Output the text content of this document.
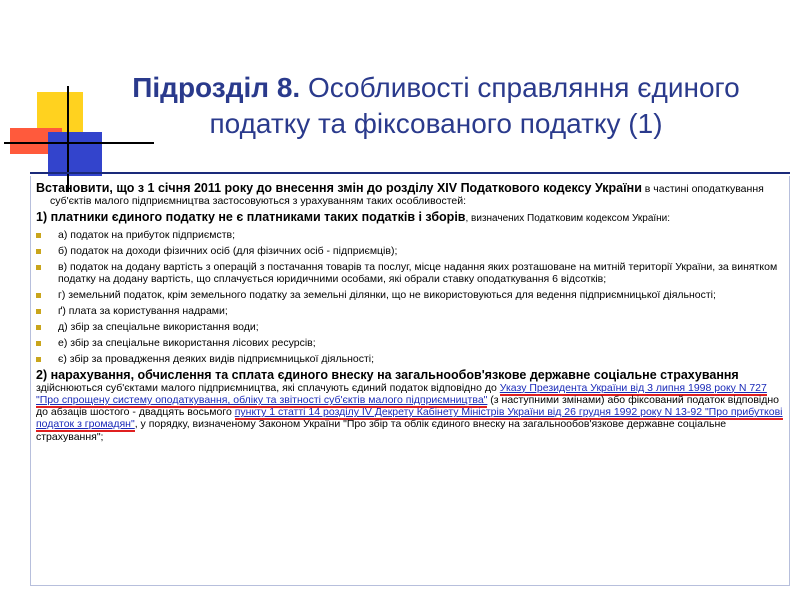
Підрозділ 8. Особливості справляння єдиного податку та фіксованого податку (1)

Встановити, що з 1 січня 2011 року до внесення змін до розділу XIV Податкового кодексу України в частині оподаткування суб'єктів малого підприємництва застосовуються з урахуванням таких особливостей:

1) платники єдиного податку не є платниками таких податків і зборів, визначених Податковим кодексом України:

а) податок на прибуток підприємств;
б) податок на доходи фізичних осіб (для фізичних осіб - підприємців);
в) податок на додану вартість з операцій з постачання товарів та послуг, місце надання яких розташоване на митній території України, за винятком податку на додану вартість, що сплачується юридичними особами, які обрали ставку оподаткування 6 відсотків;
г) земельний податок, крім земельного податку за земельні ділянки, що не використовуються для ведення підприємницької діяльності;
ґ) плата за користування надрами;
д) збір за спеціальне використання води;
е) збір за спеціальне використання лісових ресурсів;
є) збір за провадження деяких видів підприємницької діяльності;

2) нарахування, обчислення та сплата єдиного внеску на загальнообов'язкове державне соціальне страхування здійснюються суб'єктами малого підприємництва, які сплачують єдиний податок відповідно до Указу Президента України від 3 липня 1998 року N 727 "Про спрощену систему оподаткування, обліку та звітності суб'єктів малого підприємництва" (з наступними змінами) або фіксований податок відповідно до абзаців шостого - двадцять восьмого пункту 1 статті 14 розділу IV Декрету Кабінету Міністрів України від 26 грудня 1992 року N 13-92 "Про прибуткові податок з громадян", у порядку, визначеному Законом України "Про збір та облік єдиного внеску на загальнообов'язкове державне соціальне страхування";
